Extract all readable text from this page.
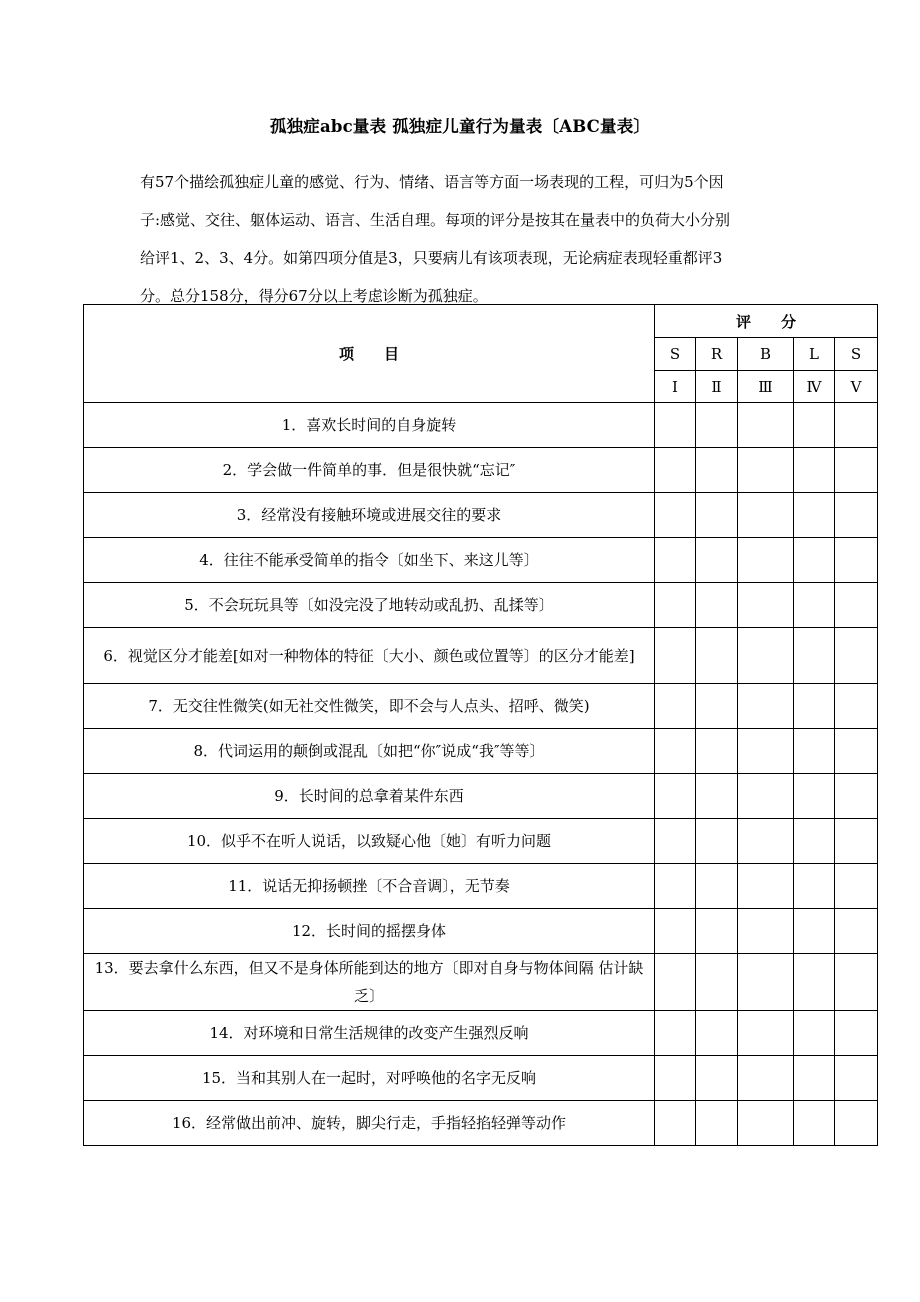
孤独症abc量表 孤独症儿童行为量表〔ABC量表〕

有57个描绘孤独症儿童的感觉、行为、情绪、语言等方面一场表现的工程，可归为5个因

子:感觉、交往、躯体运动、语言、生活自理。每项的评分是按其在量表中的负荷大小分别

给评1、2、3、4分。如第四项分值是3，只要病儿有该项表现，无论病症表现轻重都评3

分。总分158分，得分67分以上考虑诊断为孤独症。

项　　目	评　　分				
	S	R	B	L	S
	Ⅰ	Ⅱ	Ⅲ	Ⅳ	Ⅴ
1．喜欢长时间的自身旋转					
2．学会做一件简单的事．但是很快就“忘记″					
3．经常没有接触环境或进展交往的要求					
4．往往不能承受简单的指令〔如坐下、来这儿等〕					
5．不会玩玩具等〔如没完没了地转动或乱扔、乱揉等〕					
6．视觉区分才能差[如对一种物体的特征〔大小、颜色或位置等〕的区分才能差]					
7．无交往性微笑(如无社交性微笑，即不会与人点头、招呼、微笑)					
8．代词运用的颠倒或混乱〔如把“你″说成“我″等等〕					
9．长时间的总拿着某件东西					
10．似乎不在听人说话，以致疑心他〔她〕有听力问题					
11．说话无抑扬顿挫〔不合音调〕，无节奏					
12．长时间的摇摆身体					
13．要去拿什么东西，但又不是身体所能到达的地方〔即对自身与物体间隔 估计缺乏〕					
14．对环境和日常生活规律的改变产生强烈反响					
15．当和其别人在一起时，对呼唤他的名字无反响					
16．经常做出前冲、旋转，脚尖行走，手指轻掐轻弹等动作					
